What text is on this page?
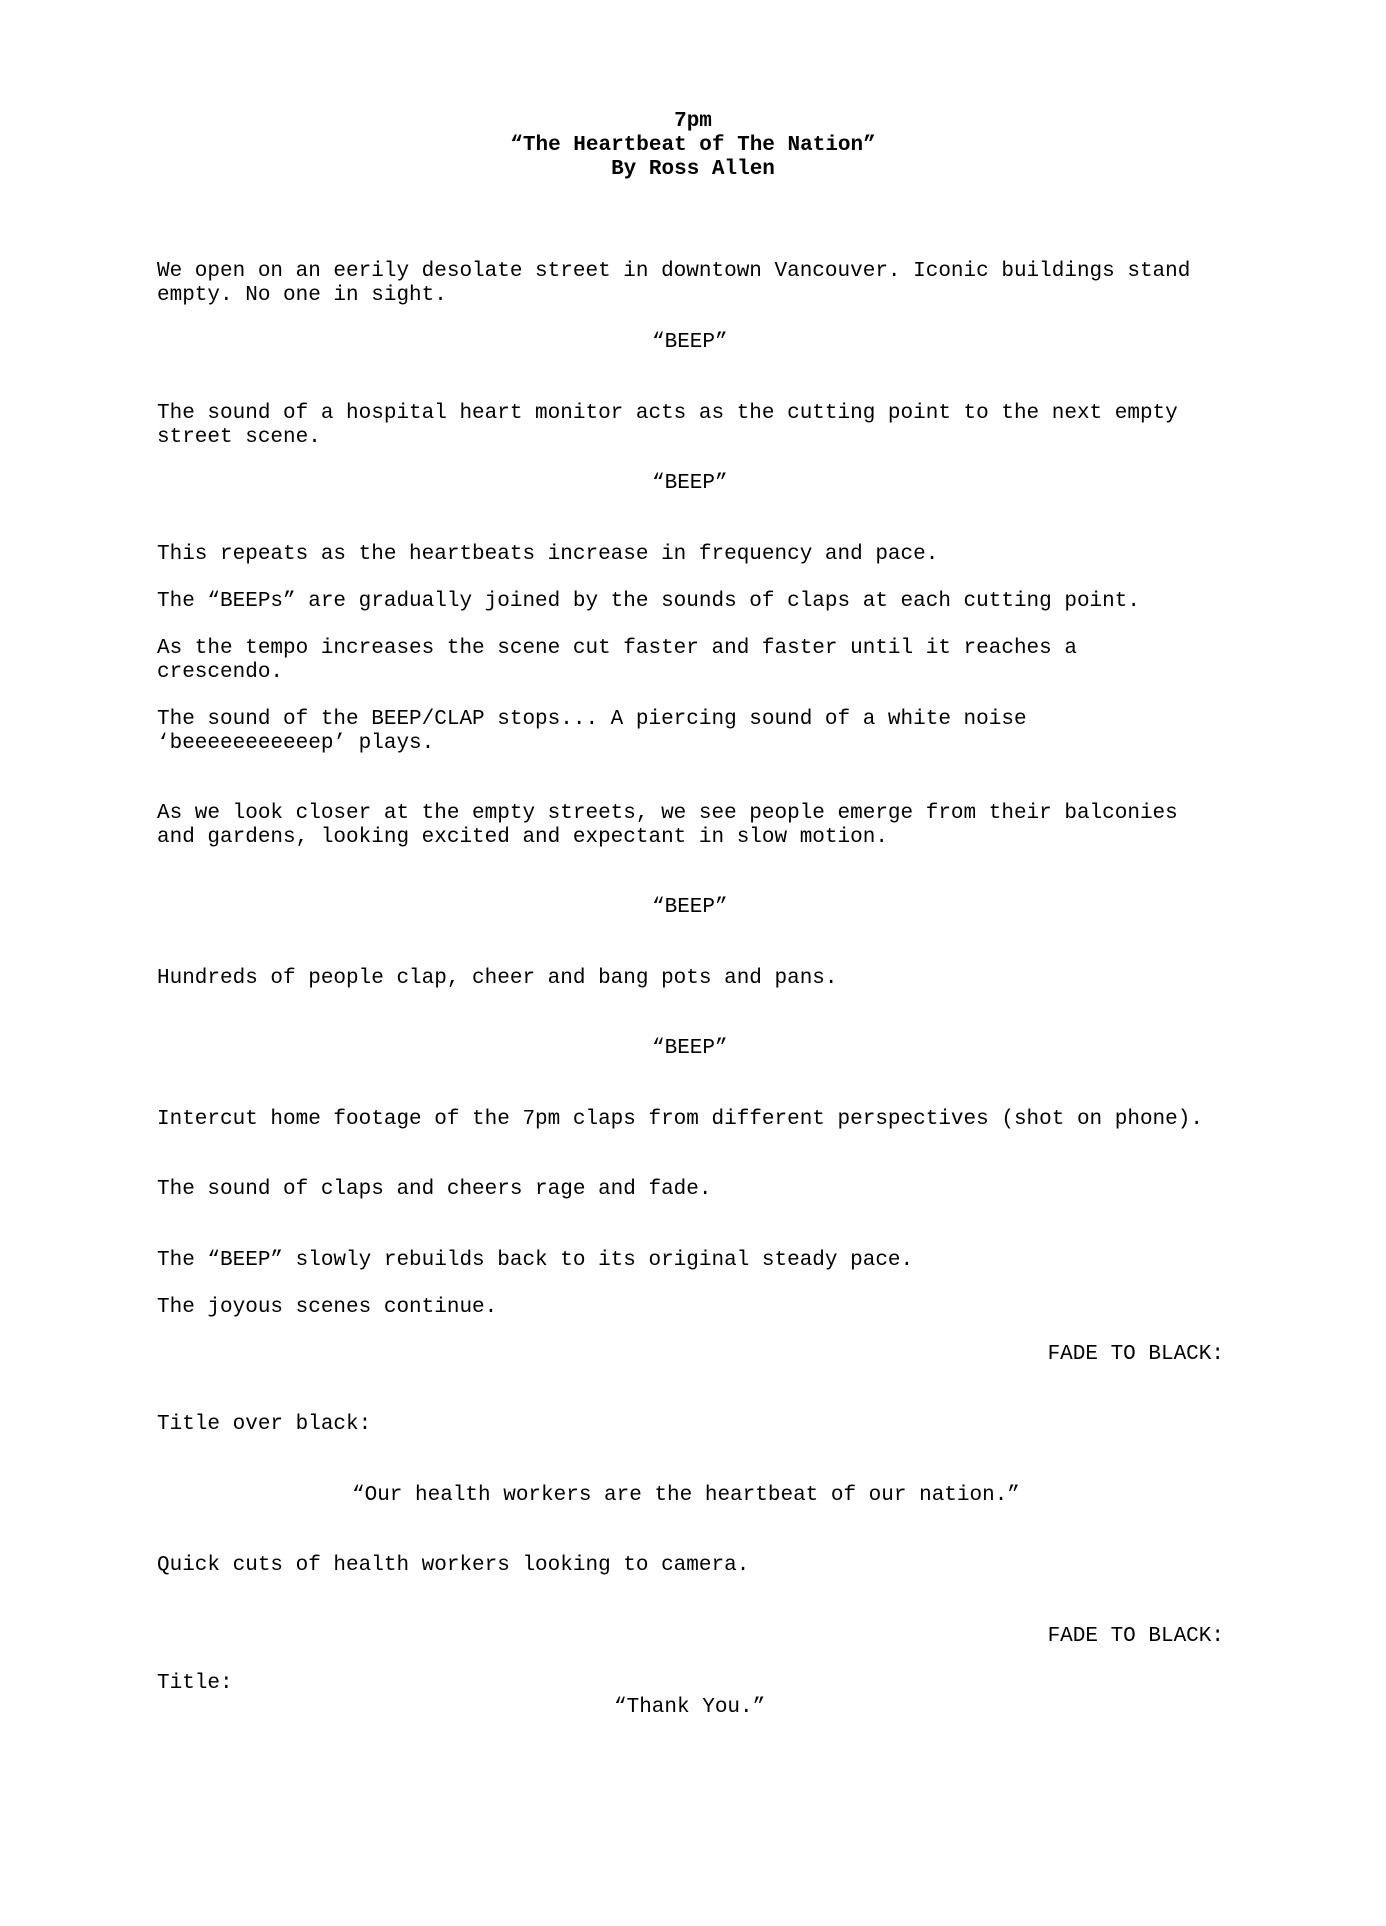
7pm

“The Heartbeat of The Nation”

By Ross Allen

We open on an eerily desolate street in downtown Vancouver. Iconic buildings stand

empty. No one in sight.

“BEEP”

The sound of a hospital heart monitor acts as the cutting point to the next empty

street scene.

“BEEP”

This repeats as the heartbeats increase in frequency and pace.

The “BEEPs” are gradually joined by the sounds of claps at each cutting point.

As the tempo increases the scene cut faster and faster until it reaches a

crescendo.

The sound of the BEEP/CLAP stops... A piercing sound of a white noise

‘beeeeeeeeeeep’ plays.

As we look closer at the empty streets, we see people emerge from their balconies

and gardens, looking excited and expectant in slow motion.

“BEEP”

Hundreds of people clap, cheer and bang pots and pans.

“BEEP”

Intercut home footage of the 7pm claps from different perspectives (shot on phone).

The sound of claps and cheers rage and fade.

The “BEEP” slowly rebuilds back to its original steady pace.

The joyous scenes continue.

FADE TO BLACK:

Title over black:

“Our health workers are the heartbeat of our nation.”

Quick cuts of health workers looking to camera.

FADE TO BLACK:

Title:

“Thank You.”
